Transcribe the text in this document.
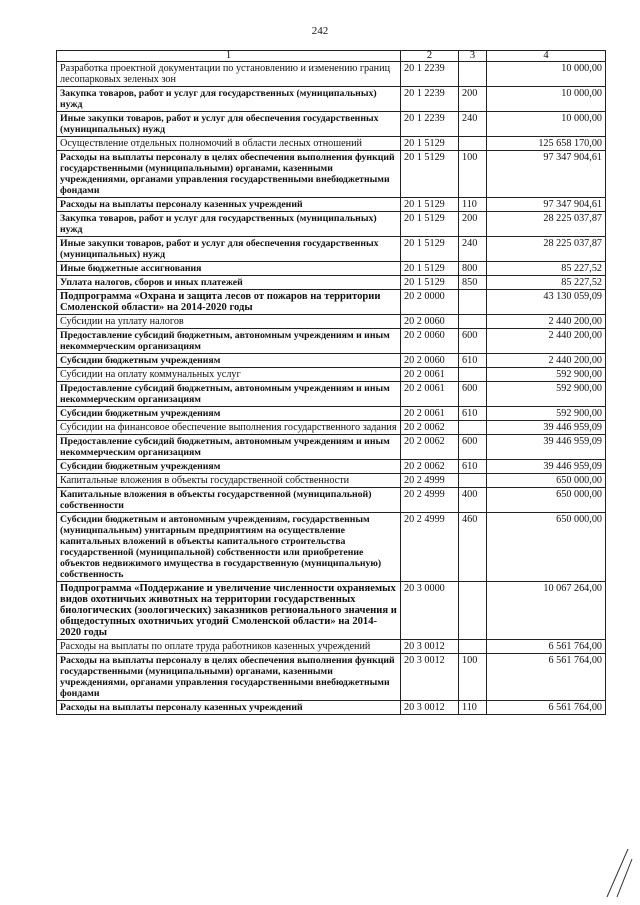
242
1	2	3	4
Разработка проектной документации по установлению и изменению границ лесопарковых зеленых зон	20 1 2239		10 000,00
Закупка товаров, работ и услуг для государственных (муниципальных) нужд	20 1 2239	200	10 000,00
Иные закупки товаров, работ и услуг для обеспечения государственных (муниципальных) нужд	20 1 2239	240	10 000,00
Осуществление отдельных полномочий в области лесных отношений	20 1 5129		125 658 170,00
Расходы на выплаты персоналу в целях обеспечения выполнения функций государственными (муниципальными) органами, казенными учреждениями, органами управления государственными внебюджетными фондами	20 1 5129	100	97 347 904,61
Расходы на выплаты персоналу казенных учреждений	20 1 5129	110	97 347 904,61
Закупка товаров, работ и услуг для государственных (муниципальных) нужд	20 1 5129	200	28 225 037,87
Иные закупки товаров, работ и услуг для обеспечения государственных (муниципальных) нужд	20 1 5129	240	28 225 037,87
Иные бюджетные ассигнования	20 1 5129	800	85 227,52
Уплата налогов, сборов и иных платежей	20 1 5129	850	85 227,52
Подпрограмма «Охрана и защита лесов от пожаров на территории Смоленской области» на 2014-2020 годы	20 2 0000		43 130 059,09
Субсидии на уплату налогов	20 2 0060		2 440 200,00
Предоставление субсидий бюджетным, автономным учреждениям и иным некоммерческим организациям	20 2 0060	600	2 440 200,00
Субсидии бюджетным учреждениям	20 2 0060	610	2 440 200,00
Субсидии на оплату коммунальных услуг	20 2 0061		592 900,00
Предоставление субсидий бюджетным, автономным учреждениям и иным некоммерческим организациям	20 2 0061	600	592 900,00
Субсидии бюджетным учреждениям	20 2 0061	610	592 900,00
Субсидии на финансовое обеспечение выполнения государственного задания	20 2 0062		39 446 959,09
Предоставление субсидий бюджетным, автономным учреждениям и иным некоммерческим организациям	20 2 0062	600	39 446 959,09
Субсидии бюджетным учреждениям	20 2 0062	610	39 446 959,09
Капитальные вложения в объекты государственной собственности	20 2 4999		650 000,00
Капитальные вложения в объекты государственной (муниципальной) собственности	20 2 4999	400	650 000,00
Субсидии бюджетным и автономным учреждениям, государственным (муниципальным) унитарным предприятиям на осуществление капитальных вложений в объекты капитального строительства государственной (муниципальной) собственности или приобретение объектов недвижимого имущества в государственную (муниципальную) собственность	20 2 4999	460	650 000,00
Подпрограмма «Поддержание и увеличение численности охраняемых видов охотничьих животных на территории государственных биологических (зоологических) заказников регионального значения и общедоступных охотничьих угодий Смоленской области» на 2014-2020 годы	20 3 0000		10 067 264,00
Расходы на выплаты по оплате труда работников казенных учреждений	20 3 0012		6 561 764,00
Расходы на выплаты персоналу в целях обеспечения выполнения функций государственными (муниципальными) органами, казенными учреждениями, органами управления государственными внебюджетными фондами	20 3 0012	100	6 561 764,00
Расходы на выплаты персоналу казенных учреждений	20 3 0012	110	6 561 764,00
